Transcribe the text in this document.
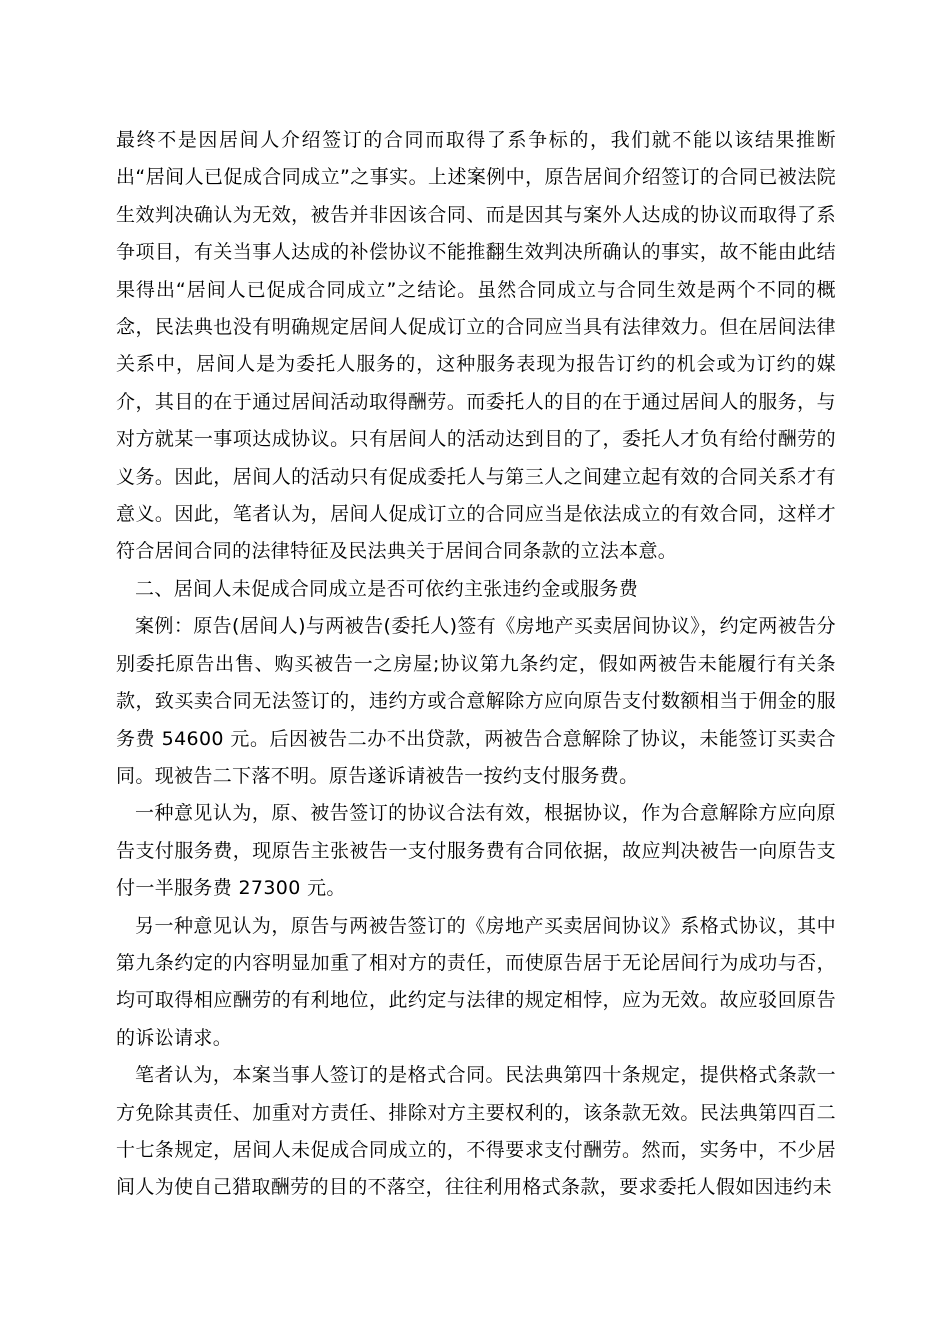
最终不是因居间人介绍签订的合同而取得了系争标的，我们就不能以该结果推断出“居间人已促成合同成立”之事实。上述案例中，原告居间介绍签订的合同已被法院生效判决确认为无效，被告并非因该合同、而是因其与案外人达成的协议而取得了系争项目，有关当事人达成的补偿协议不能推翻生效判决所确认的事实，故不能由此结果得出“居间人已促成合同成立”之结论。虽然合同成立与合同生效是两个不同的概念，民法典也没有明确规定居间人促成订立的合同应当具有法律效力。但在居间法律关系中，居间人是为委托人服务的，这种服务表现为报告订约的机会或为订约的媒介，其目的在于通过居间活动取得酬劳。而委托人的目的在于通过居间人的服务，与对方就某一事项达成协议。只有居间人的活动达到目的了，委托人才负有给付酬劳的义务。因此，居间人的活动只有促成委托人与第三人之间建立起有效的合同关系才有意义。因此，笔者认为，居间人促成订立的合同应当是依法成立的有效合同，这样才符合居间合同的法律特征及民法典关于居间合同条款的立法本意。

二、居间人未促成合同成立是否可依约主张违约金或服务费

案例：原告(居间人)与两被告(委托人)签有《房地产买卖居间协议》，约定两被告分别委托原告出售、购买被告一之房屋;协议第九条约定，假如两被告未能履行有关条款，致买卖合同无法签订的，违约方或合意解除方应向原告支付数额相当于佣金的服务费 54600 元。后因被告二办不出贷款，两被告合意解除了协议，未能签订买卖合同。现被告二下落不明。原告遂诉请被告一按约支付服务费。

一种意见认为，原、被告签订的协议合法有效，根据协议，作为合意解除方应向原告支付服务费，现原告主张被告一支付服务费有合同依据，故应判决被告一向原告支付一半服务费 27300 元。

另一种意见认为，原告与两被告签订的《房地产买卖居间协议》系格式协议，其中第九条约定的内容明显加重了相对方的责任，而使原告居于无论居间行为成功与否，均可取得相应酬劳的有利地位，此约定与法律的规定相悖，应为无效。故应驳回原告的诉讼请求。

笔者认为，本案当事人签订的是格式合同。民法典第四十条规定，提供格式条款一方免除其责任、加重对方责任、排除对方主要权利的，该条款无效。民法典第四百二十七条规定，居间人未促成合同成立的，不得要求支付酬劳。然而，实务中，不少居间人为使自己猎取酬劳的目的不落空，往往利用格式条款，要求委托人假如因违约未
